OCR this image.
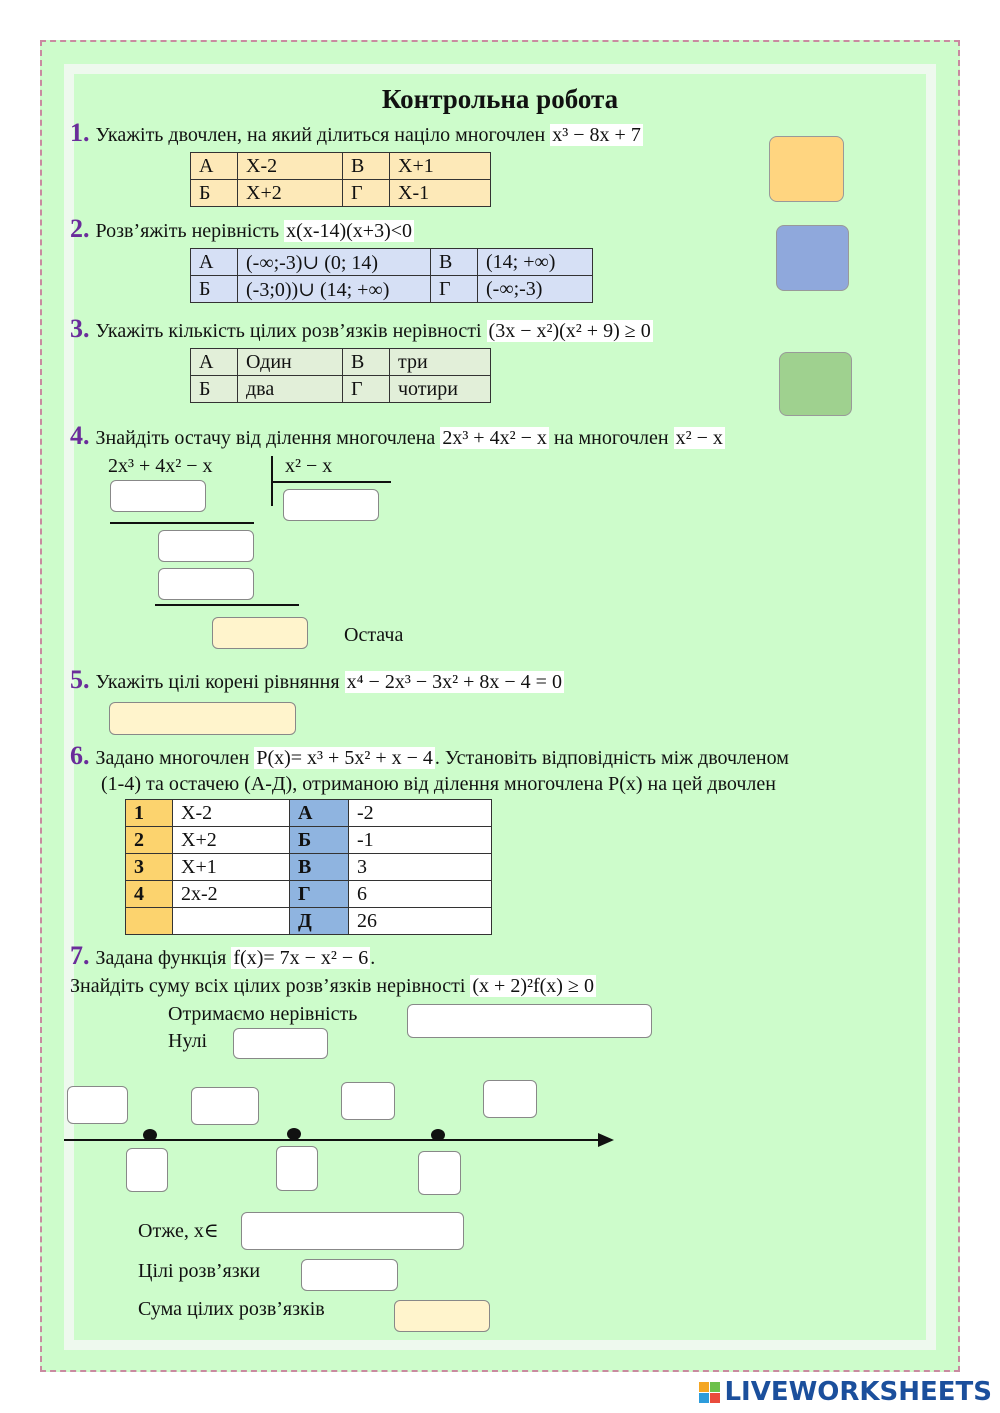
Контрольна робота
1. Укажіть двочлен, на який ділиться націло многочлен x³ − 8x + 7
А	X-2	В	X+1
Б	X+2	Г	X-1
2. Розв’яжіть нерівність x(x-14)(x+3)<0
А	(-∞;-3)∪ (0; 14)	В	(14; +∞)
Б	(-3;0))∪ (14; +∞)	Г	(-∞;-3)
3. Укажіть кількість цілих розв’язків нерівності (3x − x²)(x² + 9) ≥ 0
А	Один	В	три
Б	два	Г	чотири
4. Знайдіть остачу від ділення многочлена 2x³ + 4x² − x на многочлен x² − x
2x³ + 4x² − x	x² − x
Остача
5. Укажіть цілі корені рівняння x⁴ − 2x³ − 3x² + 8x − 4 = 0
6. Задано многочлен P(x)= x³ + 5x² + x − 4 . Установіть відповідність між двочленом
(1-4) та остачею (А-Д), отриманою від ділення многочлена P(x) на цей двочлен
1	X-2	А	-2
2	X+2	Б	-1
3	X+1	В	3
4	2x-2	Г	6
		Д	26
7. Задана функція f(x)= 7x − x² − 6 .
Знайдіть суму всіх цілих розв’язків нерівності (x + 2)²f(x) ≥ 0
Отримаємо нерівність
Нулі
Отже, x∈
Цілі розв’язки
Сума цілих розв’язків
LIVEWORKSHEETS
